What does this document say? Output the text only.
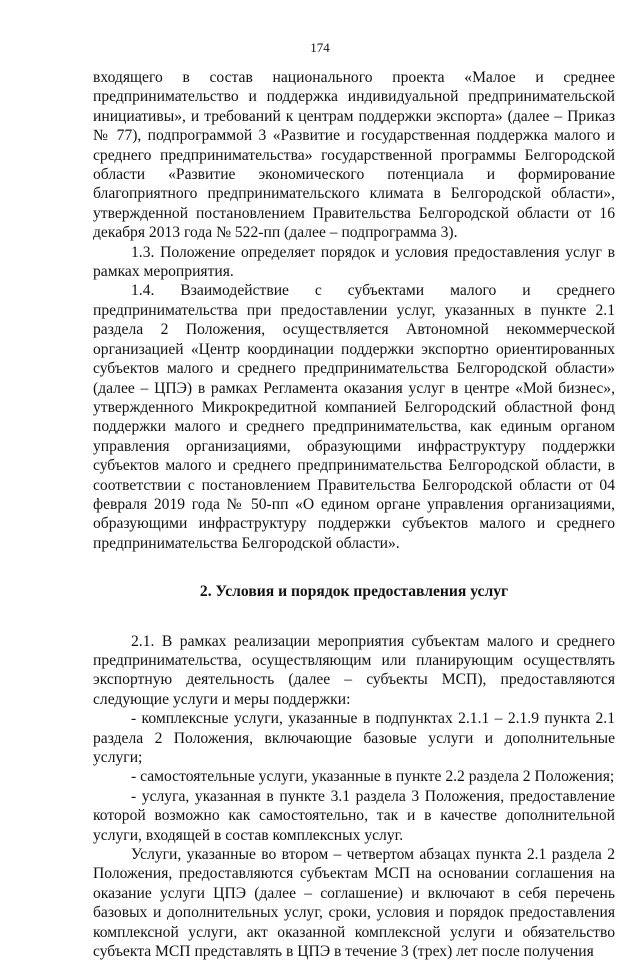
174

входящего в состав национального проекта «Малое и среднее предпринимательство и поддержка индивидуальной предпринимательской инициативы», и требований к центрам поддержки экспорта» (далее – Приказ № 77), подпрограммой 3 «Развитие и государственная поддержка малого и среднего предпринимательства» государственной программы Белгородской области «Развитие экономического потенциала и формирование благоприятного предпринимательского климата в Белгородской области», утвержденной постановлением Правительства Белгородской области от 16 декабря 2013 года № 522-пп (далее – подпрограмма 3).

1.3. Положение определяет порядок и условия предоставления услуг в рамках мероприятия.

1.4. Взаимодействие с субъектами малого и среднего предпринимательства при предоставлении услуг, указанных в пункте 2.1 раздела 2 Положения, осуществляется Автономной некоммерческой организацией «Центр координации поддержки экспортно ориентированных субъектов малого и среднего предпринимательства Белгородской области» (далее – ЦПЭ) в рамках Регламента оказания услуг в центре «Мой бизнес», утвержденного Микрокредитной компанией Белгородский областной фонд поддержки малого и среднего предпринимательства, как единым органом управления организациями, образующими инфраструктуру поддержки субъектов малого и среднего предпринимательства Белгородской области, в соответствии с постановлением Правительства Белгородской области от 04 февраля 2019 года № 50-пп «О едином органе управления организациями, образующими инфраструктуру поддержки субъектов малого и среднего предпринимательства Белгородской области».

2. Условия и порядок предоставления услуг

2.1. В рамках реализации мероприятия субъектам малого и среднего предпринимательства, осуществляющим или планирующим осуществлять экспортную деятельность (далее – субъекты МСП), предоставляются следующие услуги и меры поддержки:

- комплексные услуги, указанные в подпунктах 2.1.1 – 2.1.9 пункта 2.1 раздела 2 Положения, включающие базовые услуги и дополнительные услуги;

- самостоятельные услуги, указанные в пункте 2.2 раздела 2 Положения;

- услуга, указанная в пункте 3.1 раздела 3 Положения, предоставление которой возможно как самостоятельно, так и в качестве дополнительной услуги, входящей в состав комплексных услуг.

Услуги, указанные во втором – четвертом абзацах пункта 2.1 раздела 2 Положения, предоставляются субъектам МСП на основании соглашения на оказание услуги ЦПЭ (далее – соглашение) и включают в себя перечень базовых и дополнительных услуг, сроки, условия и порядок предоставления комплексной услуги, акт оказанной комплексной услуги и обязательство субъекта МСП представлять в ЦПЭ в течение 3 (трех) лет после получения
